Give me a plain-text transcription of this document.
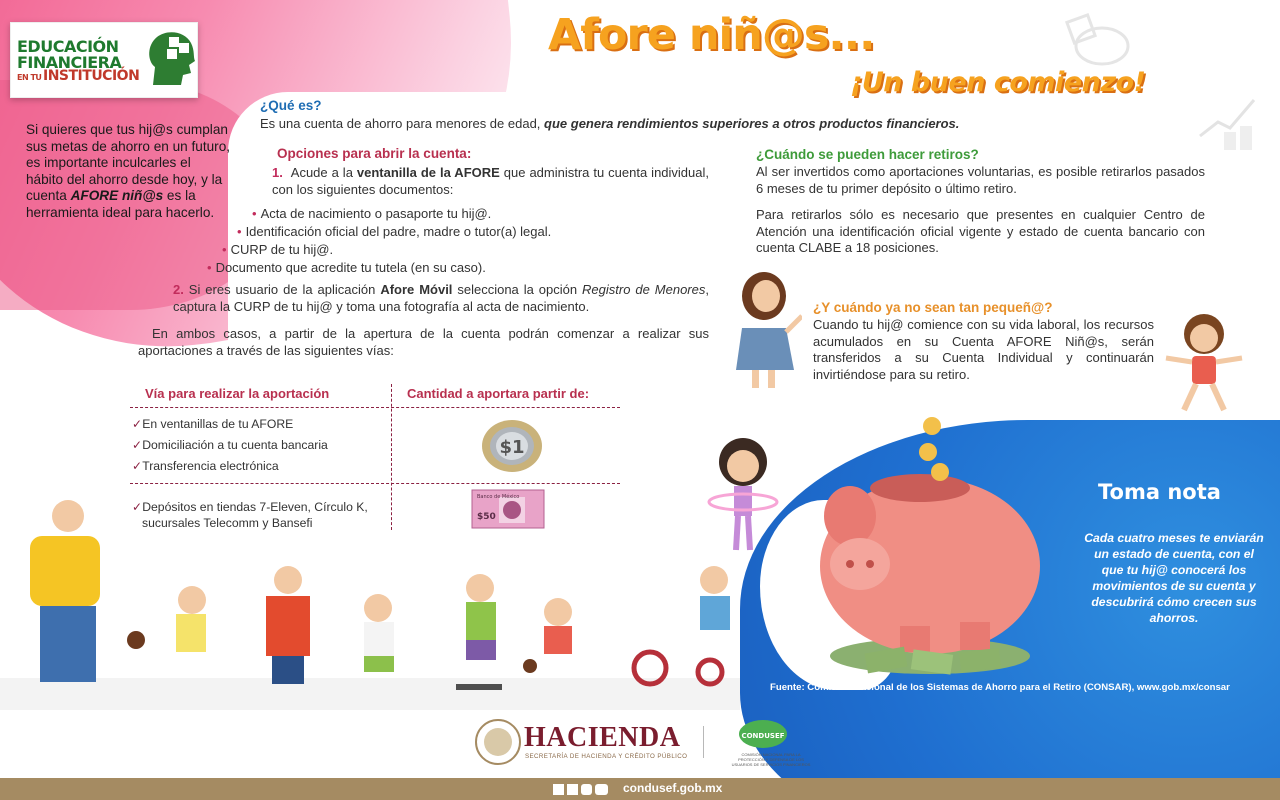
EDUCACIÓN
FINANCIERA
EN TU INSTITUCIÓN
Afore niñ@s...
¡Un buen comienzo!
Si quieres que tus hij@s cumplan sus metas de ahorro en un futuro, es importante inculcarles el hábito del ahorro desde hoy, y la cuenta AFORE niñ@s es la herramienta ideal para hacerlo.
¿Qué es?
Es una cuenta de ahorro para menores de edad, que genera rendimientos superiores a otros productos financieros.
Opciones para abrir la cuenta:
1. Acude a la ventanilla de la AFORE que administra tu cuenta individual, con los siguientes documentos:
• Acta de nacimiento o pasaporte tu hij@.
• Identificación oficial del padre, madre o tutor(a) legal.
• CURP de tu hij@.
• Documento que acredite tu tutela (en su caso).
2. Si eres usuario de la aplicación Afore Móvil selecciona la opción Registro de Menores, captura la CURP de tu hij@ y toma una fotografía al acta de nacimiento.
En ambos casos, a partir de la apertura de la cuenta podrán comenzar a realizar sus aportaciones a través de las siguientes vías:
Vía para realizar la aportación	Cantidad a aportara partir de:
✓En ventanillas de tu AFORE
✓Domiciliación a tu cuenta bancaria
✓Transferencia electrónica
✓Depósitos en tiendas 7-Eleven, Círculo K,
sucursales Telecomm y Bansefi
$1
Banco de México
$50
¿Cuándo se pueden hacer retiros?
Al ser invertidos como aportaciones voluntarias, es posible retirarlos pasados 6 meses de tu primer depósito o último retiro.
Para retirarlos sólo es necesario que presentes en cualquier Centro de Atención una identificación oficial vigente y estado de cuenta bancario con cuenta CLABE a 18 posiciones.
¿Y cuándo ya no sean tan pequeñ@?
Cuando tu hij@ comience con su vida laboral, los recursos acumulados en su Cuenta AFORE Niñ@s, serán transferidos a su Cuenta Individual y continuarán invirtiéndose para su retiro.
Toma nota
Cada cuatro meses te enviarán un estado de cuenta, con el que tu hij@ conocerá los movimientos de su cuenta y descubrirá cómo crecen sus ahorros.
Fuente: Comisión Nacional de los Sistemas de Ahorro para el Retiro (CONSAR), www.gob.mx/consar
HACIENDA
SECRETARÍA DE HACIENDA Y CRÉDITO PÚBLICO
CONDUSEF
COMISIÓN NACIONAL PARA LA PROTECCIÓN Y DEFENSA DE LOS USUARIOS DE SERVICIOS FINANCIEROS
condusef.gob.mx
